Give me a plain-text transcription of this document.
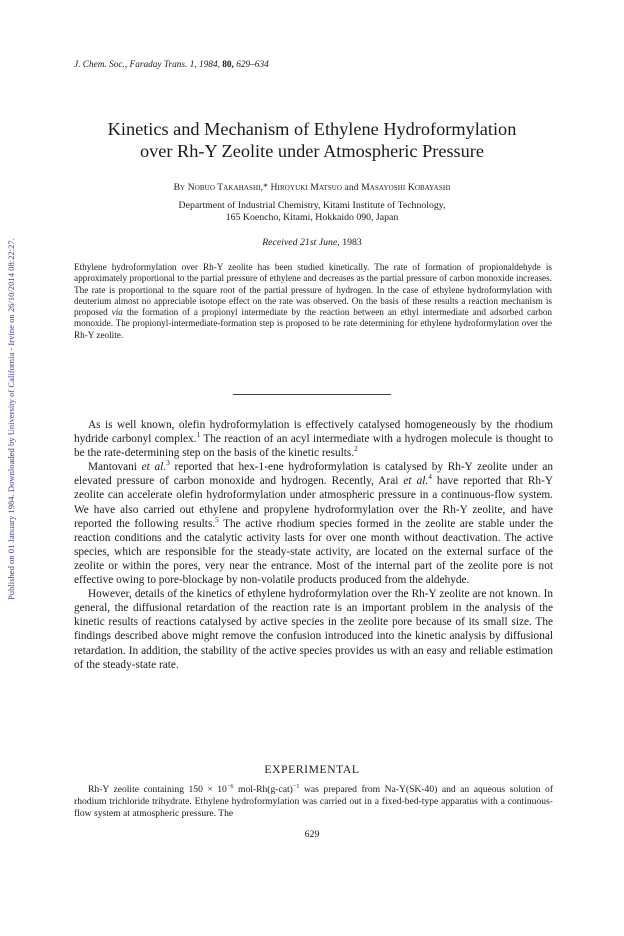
Published on 01 January 1984. Downloaded by University of California - Irvine on 26/10/2014 08:22:27.
J. Chem. Soc., Faraday Trans. 1, 1984, 80, 629–634
Kinetics and Mechanism of Ethylene Hydroformylation
over Rh-Y Zeolite under Atmospheric Pressure
By Nobuo Takahashi,* Hiroyuki Matsuo and Masayoshi Kobayashi
Department of Industrial Chemistry, Kitami Institute of Technology,
165 Koencho, Kitami, Hokkaido 090, Japan
Received 21st June, 1983
Ethylene hydroformylation over Rh-Y zeolite has been studied kinetically. The rate of formation of propionaldehyde is approximately proportional to the partial pressure of ethylene and decreases as the partial pressure of carbon monoxide increases. The rate is proportional to the square root of the partial pressure of hydrogen. In the case of ethylene hydroformylation with deuterium almost no appreciable isotope effect on the rate was observed. On the basis of these results a reaction mechanism is proposed via the formation of a propionyl intermediate by the reaction between an ethyl intermediate and adsorbed carbon monoxide. The propionyl-intermediate-formation step is proposed to be rate determining for ethylene hydroformylation over the Rh-Y zeolite.

As is well known, olefin hydroformylation is effectively catalysed homogeneously by the rhodium hydride carbonyl complex.$^1$ The reaction of an acyl intermediate with a hydrogen molecule is thought to be the rate-determining step on the basis of the kinetic results.$^2$

Mantovani et al.$^3$ reported that hex-1-ene hydroformylation is catalysed by Rh-Y zeolite under an elevated pressure of carbon monoxide and hydrogen. Recently, Arai et al.$^4$ have reported that Rh-Y zeolite can accelerate olefin hydroformylation under atmospheric pressure in a continuous-flow system. We have also carried out ethylene and propylene hydroformylation over the Rh-Y zeolite, and have reported the following results.$^5$ The active rhodium species formed in the zeolite are stable under the reaction conditions and the catalytic activity lasts for over one month without deactivation. The active species, which are responsible for the steady-state activity, are located on the external surface of the zeolite or within the pores, very near the entrance. Most of the internal part of the zeolite pore is not effective owing to pore-blockage by non-volatile products produced from the aldehyde.

However, details of the kinetics of ethylene hydroformylation over the Rh-Y zeolite are not known. In general, the diffusional retardation of the reaction rate is an important problem in the analysis of the kinetic results of reactions catalysed by active species in the zeolite pore because of its small size. The findings described above might remove the confusion introduced into the kinetic analysis by diffusional retardation. In addition, the stability of the active species provides us with an easy and reliable estimation of the steady-state rate.

EXPERIMENTAL

Rh-Y zeolite containing $150 \times 10^{-6}$ mol-$Rh(g-cat)^{-1}$ was prepared from Na-Y(SK-40) and an aqueous solution of rhodium trichloride trihydrate. Ethylene hydroformylation was carried out in a fixed-bed-type apparatus with a continuous-flow system at atmospheric pressure. The

629
